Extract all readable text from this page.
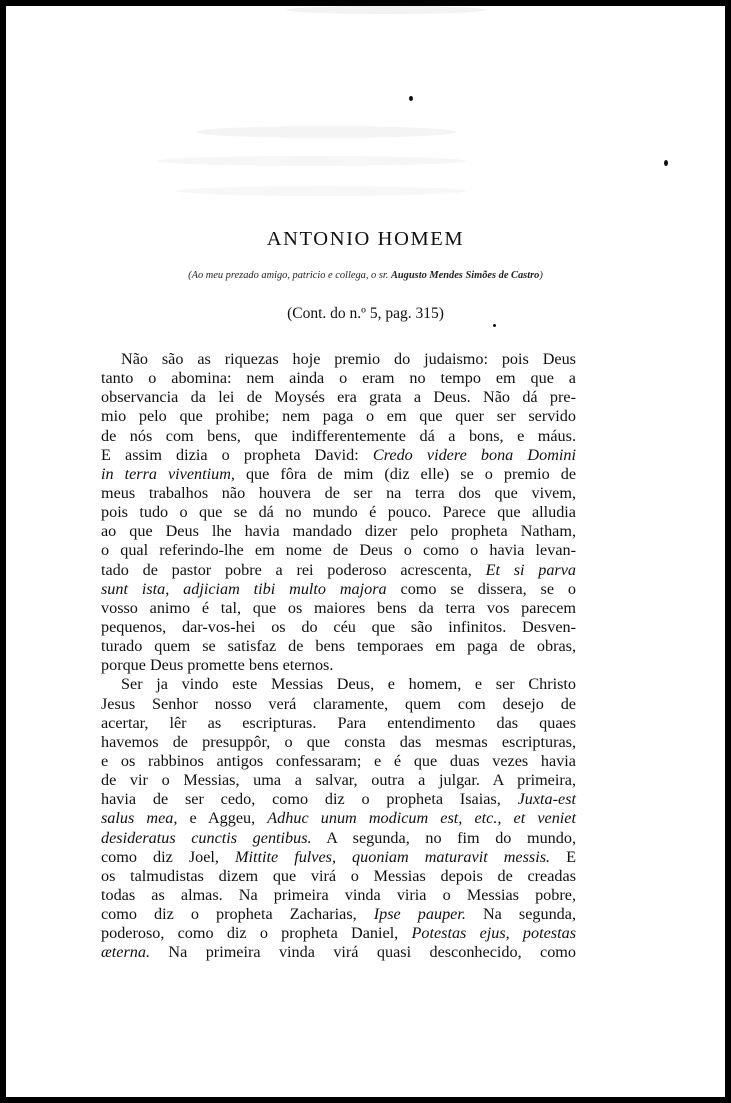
ANTONIO HOMEM
(Ao meu prezado amigo, patricio e collega, o sr. Augusto Mendes Simões de Castro)
(Cont. do n.º 5, pag. 315)
Não são as riquezas hoje premio do judaismo: pois Deus
tanto o abomina: nem ainda o eram no tempo em que a
observancia da lei de Moysés era grata a Deus. Não dá pre-
mio pelo que prohibe; nem paga o em que quer ser servido
de nós com bens, que indifferentemente dá a bons, e máus.
E assim dizia o propheta David: Credo videre bona Domini
in terra viventium, que fôra de mim (diz elle) se o premio de
meus trabalhos não houvera de ser na terra dos que vivem,
pois tudo o que se dá no mundo é pouco. Parece que alludia
ao que Deus lhe havia mandado dizer pelo propheta Natham,
o qual referindo-lhe em nome de Deus o como o havia levan-
tado de pastor pobre a rei poderoso acrescenta, Et si parva
sunt ista, adjiciam tibi multo majora como se dissera, se o
vosso animo é tal, que os maiores bens da terra vos parecem
pequenos, dar-vos-hei os do céu que são infinitos. Desven-
turado quem se satisfaz de bens temporaes em paga de obras,
porque Deus promette bens eternos.
Ser ja vindo este Messias Deus, e homem, e ser Christo
Jesus Senhor nosso verá claramente, quem com desejo de
acertar, lêr as escripturas. Para entendimento das quaes
havemos de presuppôr, o que consta das mesmas escripturas,
e os rabbinos antigos confessaram; e é que duas vezes havia
de vir o Messias, uma a salvar, outra a julgar. A primeira,
havia de ser cedo, como diz o propheta Isaias, Juxta-est
salus mea, e Aggeu, Adhuc unum modicum est, etc., et veniet
desideratus cunctis gentibus. A segunda, no fim do mundo,
como diz Joel, Mittite fulves, quoniam maturavit messis. E
os talmudistas dizem que virá o Messias depois de creadas
todas as almas. Na primeira vinda viria o Messias pobre,
como diz o propheta Zacharias, Ipse pauper. Na segunda,
poderoso, como diz o propheta Daniel, Potestas ejus, potestas
æterna. Na primeira vinda virá quasi desconhecido, como
